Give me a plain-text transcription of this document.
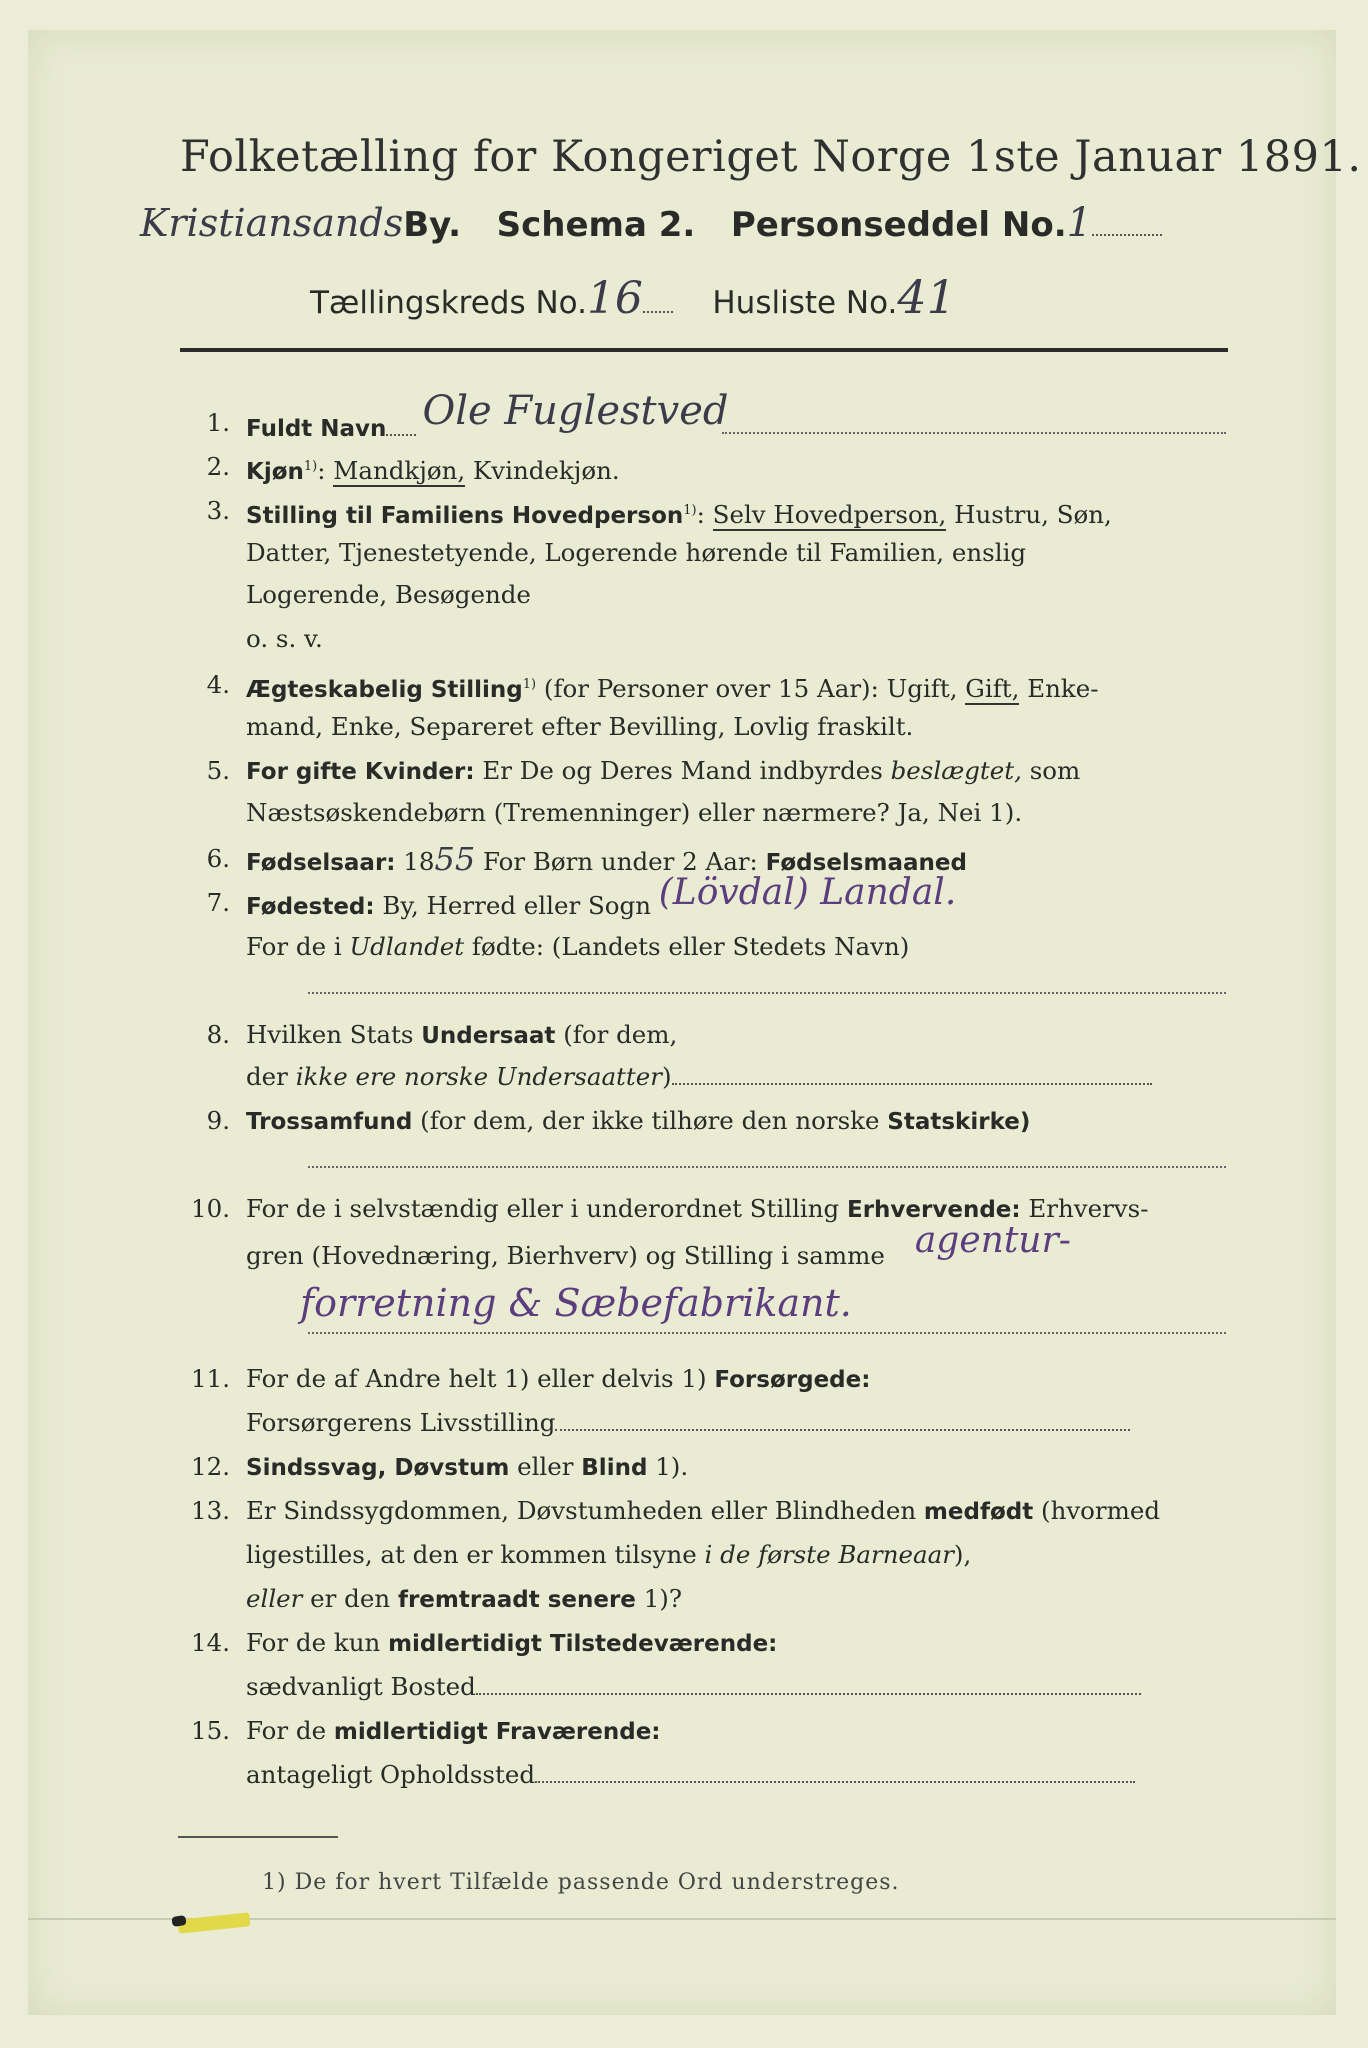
Folketælling for Kongeriget Norge 1ste Januar 1891.
KristiansandsBy. Schema 2. Personseddel No.1
Tællingskreds No.16 Husliste No.41
1. Fuldt Navn Ole Fuglestved
2. Kjøn$^{1)}$: Mandkjøn, Kvindekjøn.
3. Stilling til Familiens Hovedperson$^{1)}$: Selv Hovedperson, Hustru, Søn,
Datter, Tjenestetyende, Logerende hørende til Familien, enslig
Logerende, Besøgende
o. s. v.
4. Ægteskabelig Stilling$^{1)}$ (for Personer over 15 Aar): Ugift, Gift, Enke-
mand, Enke, Separeret efter Bevilling, Lovlig fraskilt.
5. For gifte Kvinder: Er De og Deres Mand indbyrdes beslægtet, som
Næstsøskendebørn (Tremenninger) eller nærmere? Ja, Nei 1).
6. Fødselsaar: 1855 For Børn under 2 Aar: Fødselsmaaned
7. Fødested: By, Herred eller Sogn (Lövdal) Landal.
For de i Udlandet fødte: (Landets eller Stedets Navn)
8. Hvilken Stats Undersaat (for dem,
der ikke ere norske Undersaatter)
9. Trossamfund (for dem, der ikke tilhøre den norske Statskirke)
10. For de i selvstændig eller i underordnet Stilling Erhvervende: Erhvervs-
gren (Hovednæring, Bierhverv) og Stilling i samme agentur-
forretning & Sæbefabrikant.
11. For de af Andre helt 1) eller delvis 1) Forsørgede:
Forsørgerens Livsstilling
12. Sindssvag, Døvstum eller Blind 1).
13. Er Sindssygdommen, Døvstumheden eller Blindheden medfødt (hvormed
ligestilles, at den er kommen tilsyne i de første Barneaar),
eller er den fremtraadt senere 1)?
14. For de kun midlertidigt Tilstedeværende:
sædvanligt Bosted
15. For de midlertidigt Fraværende:
antageligt Opholdssted
1) De for hvert Tilfælde passende Ord understreges.
